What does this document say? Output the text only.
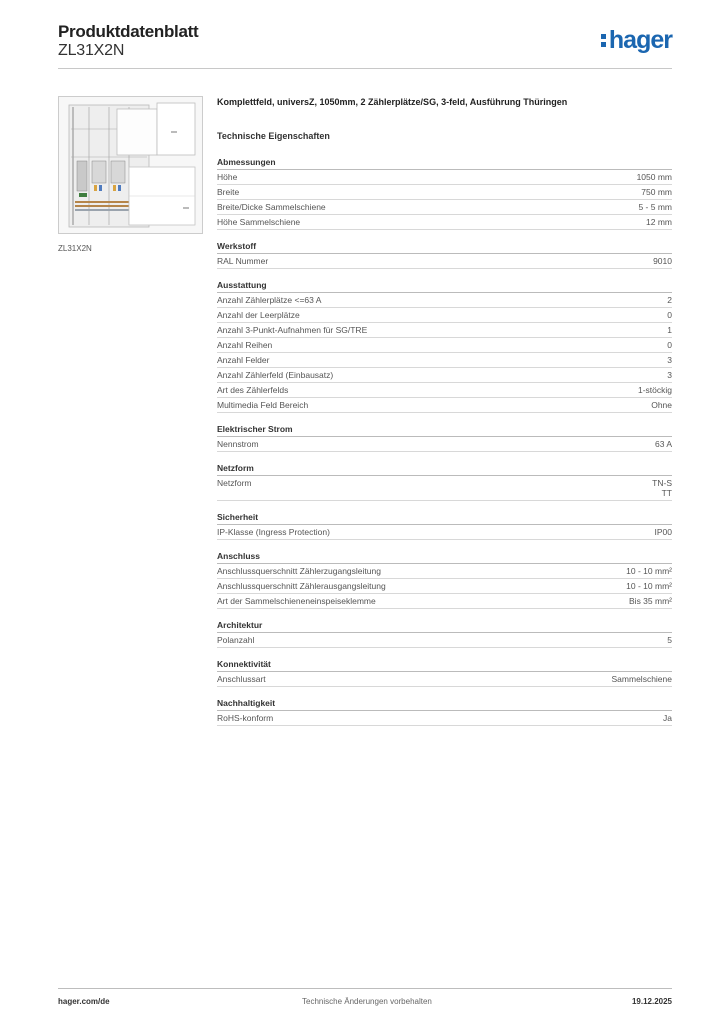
Produktdatenblatt
ZL31X2N	hager
ZL31X2N
Komplettfeld, universZ, 1050mm, 2 Zählerplätze/SG, 3-feld, Ausführung Thüringen
Technische Eigenschaften
Abmessungen
Höhe	1050 mm
Breite	750 mm
Breite/Dicke Sammelschiene	5 - 5 mm
Höhe Sammelschiene	12 mm
Werkstoff
RAL Nummer	9010
Ausstattung
Anzahl Zählerplätze <=63 A	2
Anzahl der Leerplätze	0
Anzahl 3-Punkt-Aufnahmen für SG/TRE	1
Anzahl Reihen	0
Anzahl Felder	3
Anzahl Zählerfeld (Einbausatz)	3
Art des Zählerfelds	1-stöckig
Multimedia Feld Bereich	Ohne
Elektrischer Strom
Nennstrom	63 A
Netzform
Netzform	TN-S
TT
Sicherheit
IP-Klasse (Ingress Protection)	IP00
Anschluss
Anschlussquerschnitt Zählerzugangsleitung	10 - 10 mm²
Anschlussquerschnitt Zählerausgangsleitung	10 - 10 mm²
Art der Sammelschieneneinspeiseklemme	Bis 35 mm²
Architektur
Polanzahl	5
Konnektivität
Anschlussart	Sammelschiene
Nachhaltigkeit
RoHS-konform	Ja
hager.com/de	Technische Änderungen vorbehalten	19.12.2025
